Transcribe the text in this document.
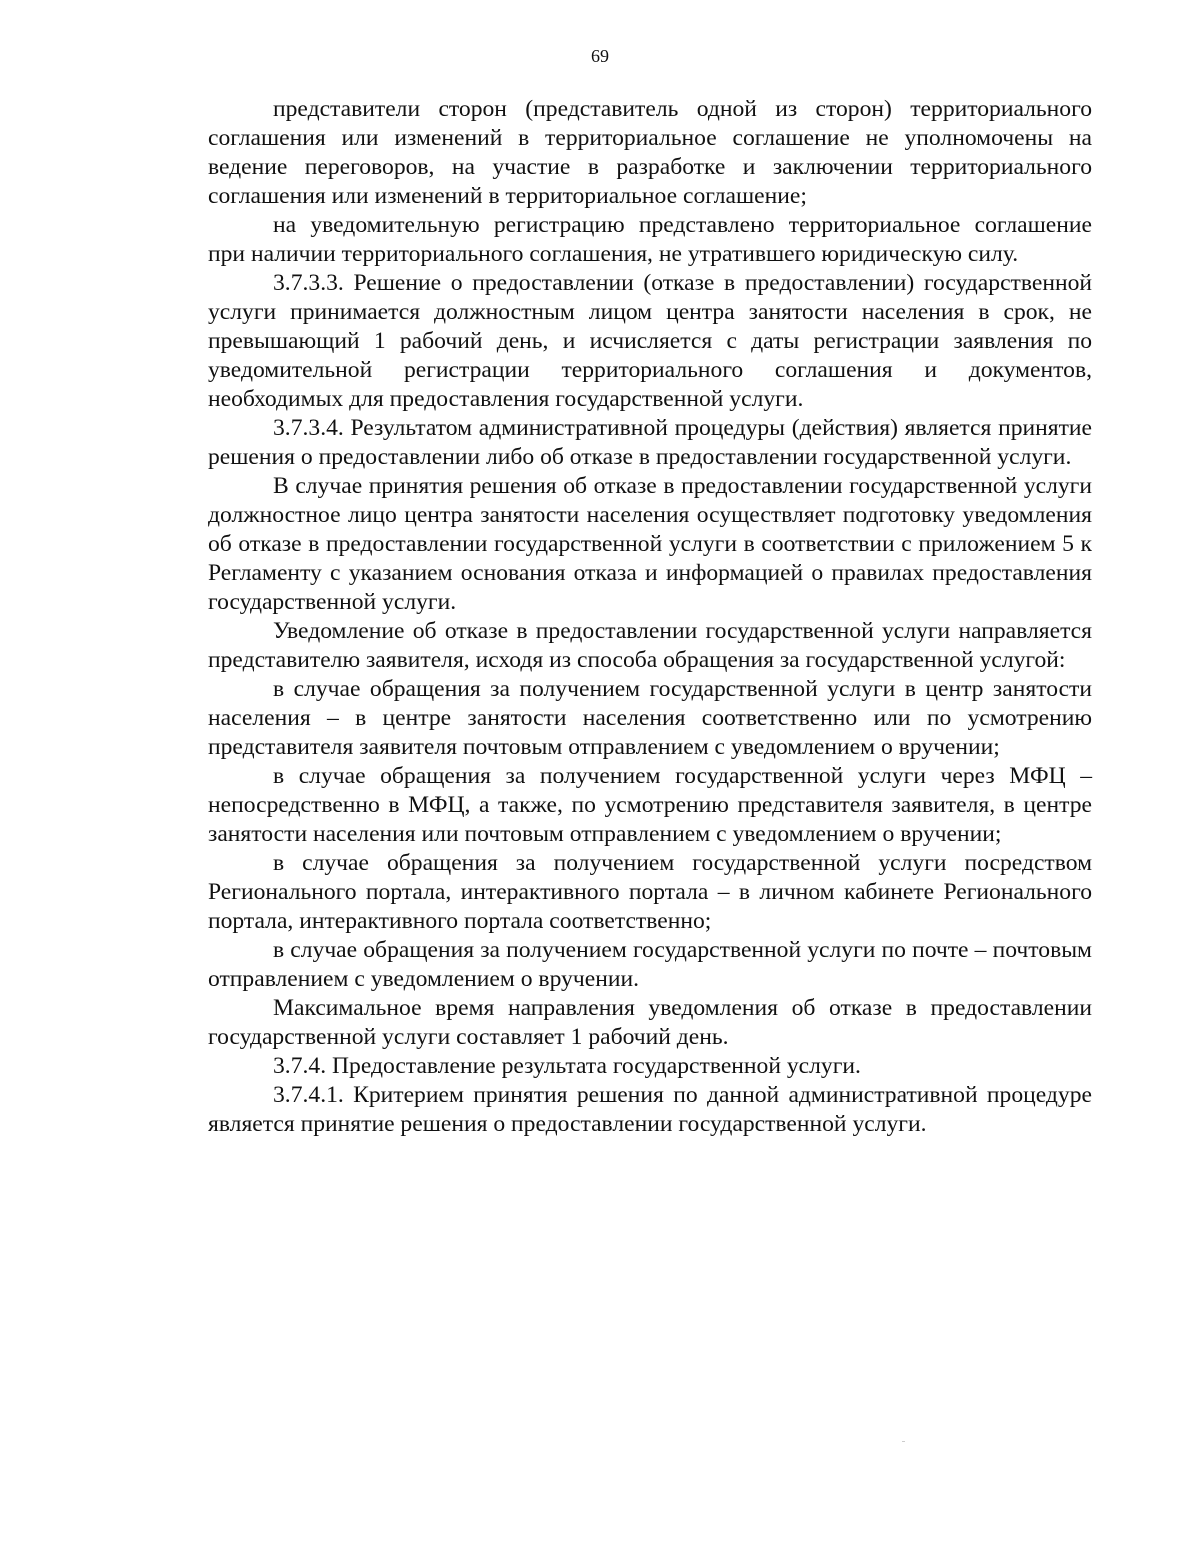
69

представители сторон (представитель одной из сторон) территориального соглашения или изменений в территориальное соглашение не уполномочены на ведение переговоров, на участие в разработке и заключении территориального соглашения или изменений в территориальное соглашение;

на уведомительную регистрацию представлено территориальное соглашение при наличии территориального соглашения, не утратившего юридическую силу.

3.7.3.3. Решение о предоставлении (отказе в предоставлении) государственной услуги принимается должностным лицом центра занятости населения в срок, не превышающий 1 рабочий день, и исчисляется с даты регистрации заявления по уведомительной регистрации территориального соглашения и документов, необходимых для предоставления государственной услуги.

3.7.3.4. Результатом административной процедуры (действия) является принятие решения о предоставлении либо об отказе в предоставлении государственной услуги.

В случае принятия решения об отказе в предоставлении государственной услуги должностное лицо центра занятости населения осуществляет подготовку уведомления об отказе в предоставлении государственной услуги в соответствии с приложением 5 к Регламенту с указанием основания отказа и информацией о правилах предоставления государственной услуги.

Уведомление об отказе в предоставлении государственной услуги направляется представителю заявителя, исходя из способа обращения за государственной услугой:

в случае обращения за получением государственной услуги в центр занятости населения – в центре занятости населения соответственно или по усмотрению представителя заявителя почтовым отправлением с уведомлением о вручении;

в случае обращения за получением государственной услуги через МФЦ – непосредственно в МФЦ, а также, по усмотрению представителя заявителя, в центре занятости населения или почтовым отправлением с уведомлением о вручении;

в случае обращения за получением государственной услуги посредством Регионального портала, интерактивного портала – в личном кабинете Регионального портала, интерактивного портала соответственно;

в случае обращения за получением государственной услуги по почте – почтовым отправлением с уведомлением о вручении.

Максимальное время направления уведомления об отказе в предоставлении государственной услуги составляет 1 рабочий день.

3.7.4. Предоставление результата государственной услуги.

3.7.4.1. Критерием принятия решения по данной административной процедуре является принятие решения о предоставлении государственной услуги.
